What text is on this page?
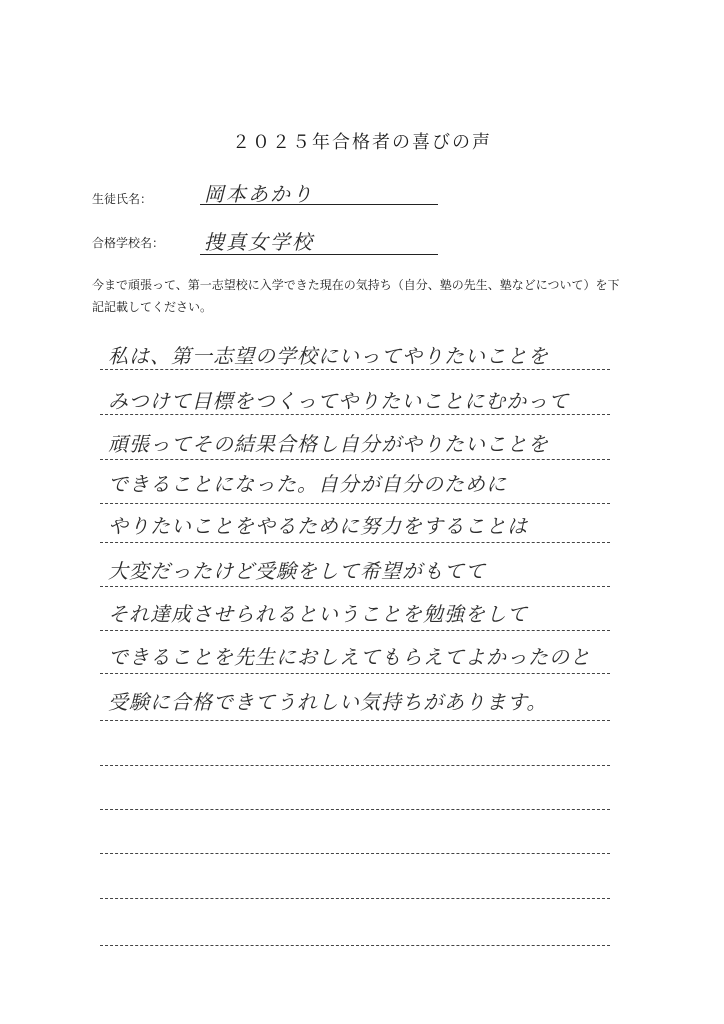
２０２５年合格者の喜びの声
生徒氏名：	岡本あかり
合格学校名： 捜真女学校
今まで頑張って、第一志望校に入学できた現在の気持ち（自分、塾の先生、塾などについて）を下記記載してください。
私は、第一志望の学校にいってやりたいことを
みつけて目標をつくってやりたいことにむかって
頑張ってその結果合格し自分がやりたいことを
できることになった。自分が自分のために
やりたいことをやるために努力をすることは
大変だったけど受験をして希望がもてて
それ達成させられるということを勉強をして
できることを先生におしえてもらえてよかったのと
受験に合格できてうれしい気持ちがあります。
